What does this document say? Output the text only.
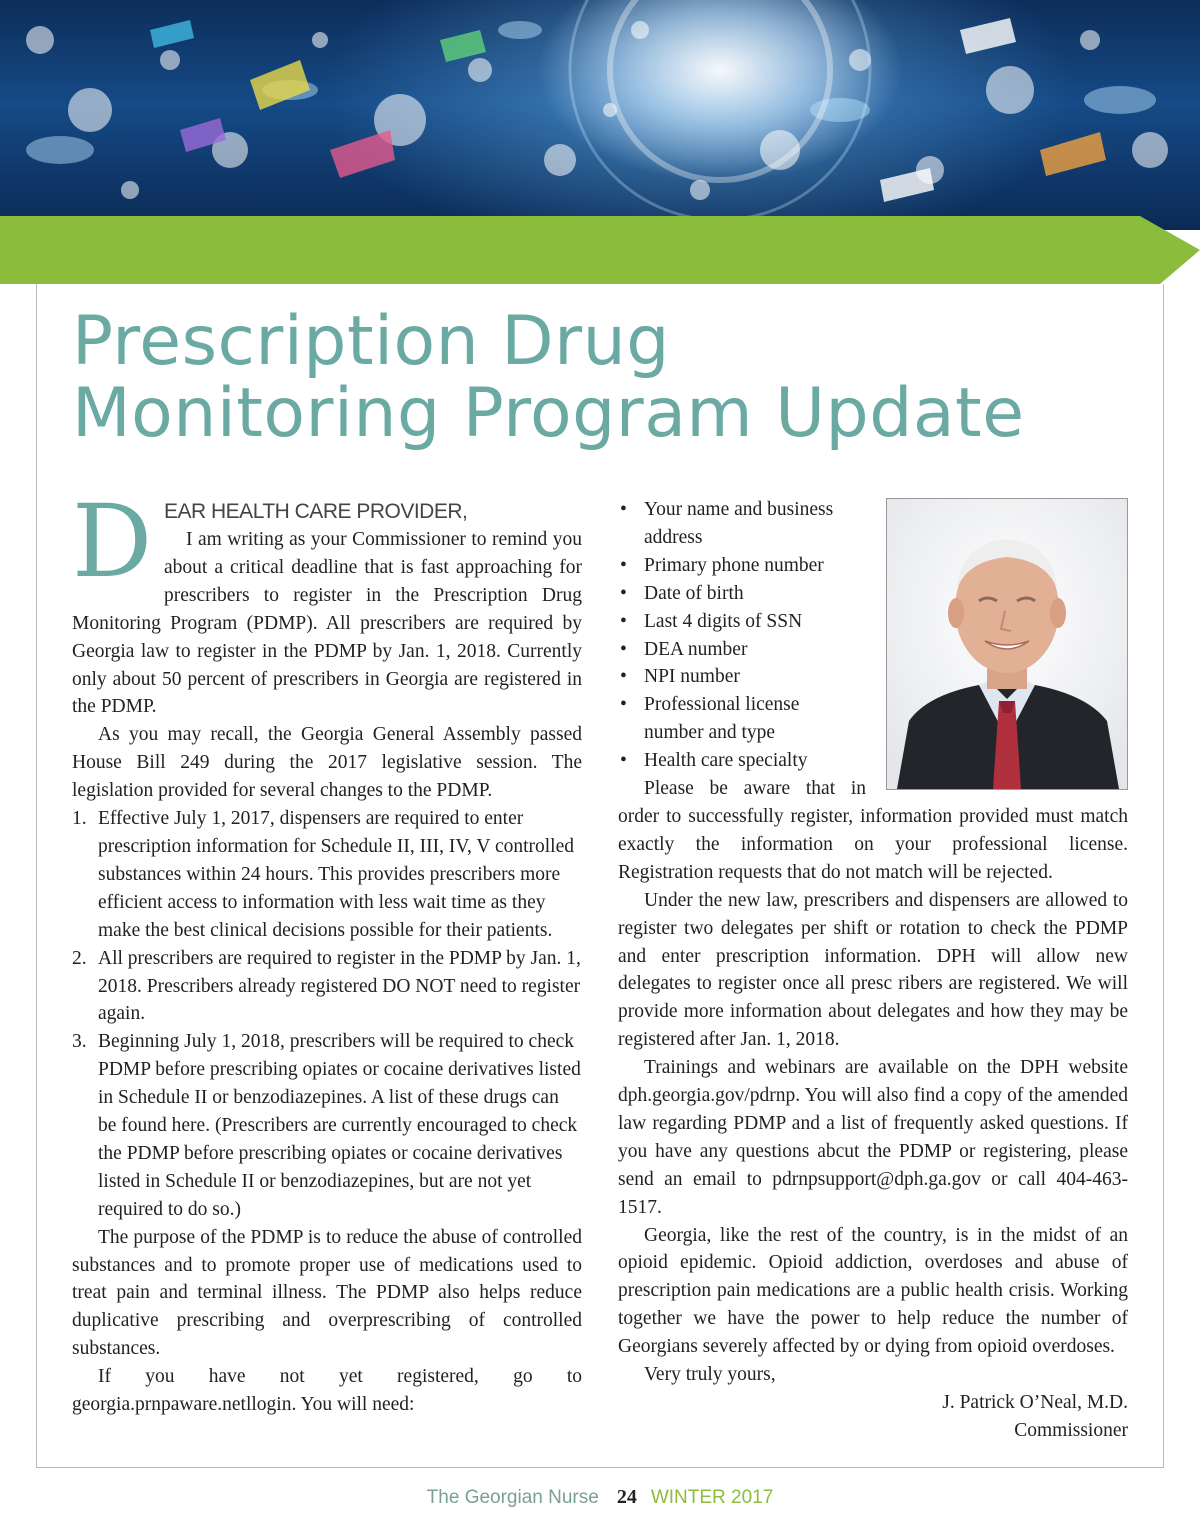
Prescription Drug
Monitoring Program Update
D EAR HEALTH CARE PROVIDER,

I am writing as your Commissioner to remind you about a critical deadline that is fast approaching for prescribers to register in the Prescription Drug Monitoring Program (PDMP). All prescribers are required by Georgia law to register in the PDMP by Jan. 1, 2018. Currently only about 50 percent of prescribers in Georgia are registered in the PDMP.

As you may recall, the Georgia General Assembly passed House Bill 249 during the 2017 legislative session. The legislation provided for several changes to the PDMP.

1. Effective July 1, 2017, dispensers are required to enter prescription information for Schedule II, III, IV, V controlled substances within 24 hours. This provides prescribers more efficient access to information with less wait time as they make the best clinical decisions possible for their patients.
2. All prescribers are required to register in the PDMP by Jan. 1, 2018. Prescribers already registered DO NOT need to register again.
3. Beginning July 1, 2018, prescribers will be required to check PDMP before prescribing opiates or cocaine derivatives listed in Schedule II or benzodiazepines. A list of these drugs can be found here. (Prescribers are currently encouraged to check the PDMP before prescribing opiates or cocaine derivatives listed in Schedule II or benzodiazepines, but are not yet required to do so.)

The purpose of the PDMP is to reduce the abuse of controlled substances and to promote proper use of medications used to treat pain and terminal illness. The PDMP also helps reduce duplicative prescribing and overprescribing of controlled substances.

If you have not yet registered, go to georgia.prnpaware.netllogin. You will need:

• Your name and business address
• Primary phone number
• Date of birth
• Last 4 digits of SSN
• DEA number
• NPI number
• Professional license number and type
• Health care specialty

Please be aware that in order to successfully register, information provided must match exactly the information on your professional license. Registration requests that do not match will be rejected.

Under the new law, prescribers and dispensers are allowed to register two delegates per shift or rotation to check the PDMP and enter prescription information. DPH will allow new delegates to register once all presc ribers are registered. We will provide more information about delegates and how they may be registered after Jan. 1, 2018.

Trainings and webinars are available on the DPH website dph.georgia.gov/pdrnp. You will also find a copy of the amended law regarding PDMP and a list of frequently asked questions. If you have any questions abcut the PDMP or registering, please send an email to pdrnpsupport@dph.ga.gov or call 404-463-1517.

Georgia, like the rest of the country, is in the midst of an opioid epidemic. Opioid addiction, overdoses and abuse of prescription pain medications are a public health crisis. Working together we have the power to help reduce the number of Georgians severely affected by or dying from opioid overdoses.

Very truly yours,

J. Patrick O’Neal, M.D.

Commissioner

The Georgian Nurse 24 WINTER 2017
